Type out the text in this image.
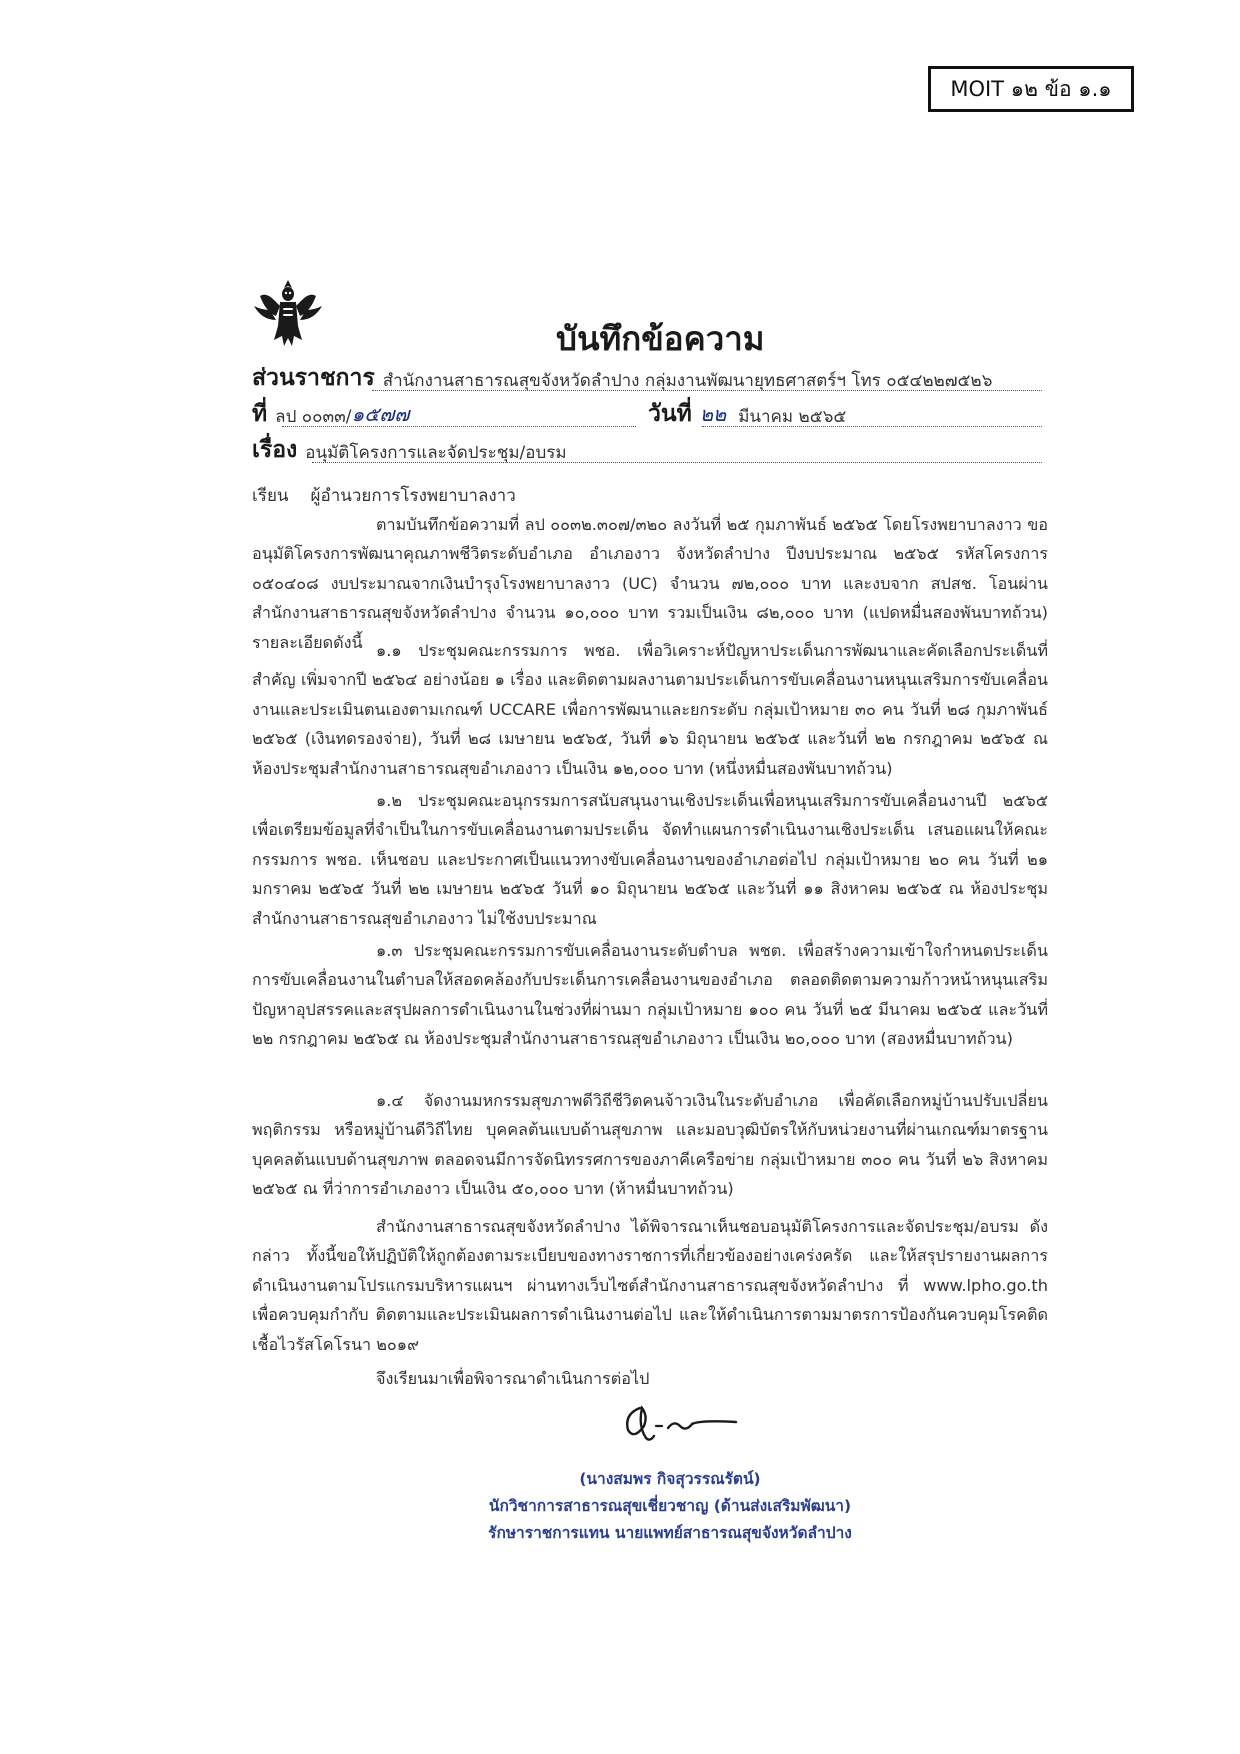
MOIT ๑๒ ข้อ ๑.๑
บันทึกข้อความ
ส่วนราชการ สำนักงานสาธารณสุขจังหวัดลำปาง กลุ่มงานพัฒนายุทธศาสตร์ฯ โทร ๐๕๔๒๒๗๕๒๖
ที่ ลป ๐๐๓๓/ ๑๕๗๗	วันที่ ๒๒ มีนาคม ๒๕๖๕
เรื่อง อนุมัติโครงการและจัดประชุม/อบรม
เรียน ผู้อำนวยการโรงพยาบาลงาว

ตามบันทึกข้อความที่ ลป ๐๐๓๒.๓๐๗/๓๒๐ ลงวันที่ ๒๕ กุมภาพันธ์ ๒๕๖๕ โดยโรงพยาบาลงาว ขออนุมัติโครงการพัฒนาคุณภาพชีวิตระดับอำเภอ อำเภองาว จังหวัดลำปาง ปีงบประมาณ ๒๕๖๕ รหัสโครงการ ๐๕๐๔๐๘ งบประมาณจากเงินบำรุงโรงพยาบาลงาว (UC) จำนวน ๗๒,๐๐๐ บาท และงบจาก สปสช. โอนผ่านสำนักงานสาธารณสุขจังหวัดลำปาง จำนวน ๑๐,๐๐๐ บาท รวมเป็นเงิน ๘๒,๐๐๐ บาท (แปดหมื่นสองพันบาทถ้วน) รายละเอียดดังนี้ ๑.๑ ประชุมคณะกรรมการ พชอ. เพื่อวิเคราะห์ปัญหาประเด็นการพัฒนาและคัดเลือกประเด็นที่สำคัญ เพิ่มจากปี ๒๕๖๔ อย่างน้อย ๑ เรื่อง และติดตามผลงานตามประเด็นการขับเคลื่อนงานหนุนเสริมการขับเคลื่อนงานและประเมินตนเองตามเกณฑ์ UCCARE เพื่อการพัฒนาและยกระดับ กลุ่มเป้าหมาย ๓๐ คน วันที่ ๒๘ กุมภาพันธ์ ๒๕๖๕ (เงินทดรองจ่าย), วันที่ ๒๘ เมษายน ๒๕๖๕, วันที่ ๑๖ มิถุนายน ๒๕๖๕ และวันที่ ๒๒ กรกฎาคม ๒๕๖๕ ณ ห้องประชุมสำนักงานสาธารณสุขอำเภองาว เป็นเงิน ๑๒,๐๐๐ บาท (หนึ่งหมื่นสองพันบาทถ้วน)

๑.๒ ประชุมคณะอนุกรรมการสนับสนุนงานเชิงประเด็นเพื่อหนุนเสริมการขับเคลื่อนงานปี ๒๕๖๕ เพื่อเตรียมข้อมูลที่จำเป็นในการขับเคลื่อนงานตามประเด็น จัดทำแผนการดำเนินงานเชิงประเด็น เสนอแผนให้คณะกรรมการ พชอ. เห็นชอบ และประกาศเป็นแนวทางขับเคลื่อนงานของอำเภอต่อไป กลุ่มเป้าหมาย ๒๐ คน วันที่ ๒๑ มกราคม ๒๕๖๕ วันที่ ๒๒ เมษายน ๒๕๖๕ วันที่ ๑๐ มิถุนายน ๒๕๖๕ และวันที่ ๑๑ สิงหาคม ๒๕๖๕ ณ ห้องประชุมสำนักงานสาธารณสุขอำเภองาว ไม่ใช้งบประมาณ

๑.๓ ประชุมคณะกรรมการขับเคลื่อนงานระดับตำบล พชต. เพื่อสร้างความเข้าใจกำหนดประเด็นการขับเคลื่อนงานในตำบลให้สอดคล้องกับประเด็นการเคลื่อนงานของอำเภอ ตลอดติดตามความก้าวหน้าหนุนเสริม ปัญหาอุปสรรคและสรุปผลการดำเนินงานในช่วงที่ผ่านมา กลุ่มเป้าหมาย ๑๐๐ คน วันที่ ๒๕ มีนาคม ๒๕๖๕ และวันที่ ๒๒ กรกฎาคม ๒๕๖๕ ณ ห้องประชุมสำนักงานสาธารณสุขอำเภองาว เป็นเงิน ๒๐,๐๐๐ บาท (สองหมื่นบาทถ้วน)

๑.๔ จัดงานมหกรรมสุขภาพดีวิถีชีวิตคนจ้าวเงินในระดับอำเภอ เพื่อคัดเลือกหมู่บ้านปรับเปลี่ยนพฤติกรรม หรือหมู่บ้านดีวิถีไทย บุคคลต้นแบบด้านสุขภาพ และมอบวุฒิบัตรให้กับหน่วยงานที่ผ่านเกณฑ์มาตรฐาน บุคคลต้นแบบด้านสุขภาพ ตลอดจนมีการจัดนิทรรศการของภาคีเครือข่าย กลุ่มเป้าหมาย ๓๐๐ คน วันที่ ๒๖ สิงหาคม ๒๕๖๕ ณ ที่ว่าการอำเภองาว เป็นเงิน ๕๐,๐๐๐ บาท (ห้าหมื่นบาทถ้วน)

สำนักงานสาธารณสุขจังหวัดลำปาง ได้พิจารณาเห็นชอบอนุมัติโครงการและจัดประชุม/อบรม ดังกล่าว ทั้งนี้ขอให้ปฏิบัติให้ถูกต้องตามระเบียบของทางราชการที่เกี่ยวข้องอย่างเคร่งครัด และให้สรุปรายงานผลการดำเนินงานตามโปรแกรมบริหารแผนฯ ผ่านทางเว็บไซต์สำนักงานสาธารณสุขจังหวัดลำปาง ที่ www.lpho.go.th เพื่อควบคุมกำกับ ติดตามและประเมินผลการดำเนินงานต่อไป และให้ดำเนินการตามมาตรการป้องกันควบคุมโรคติดเชื้อไวรัสโคโรนา ๒๐๑๙

จึงเรียนมาเพื่อพิจารณาดำเนินการต่อไป
(นางสมพร กิจสุวรรณรัตน์)
นักวิชาการสาธารณสุขเชี่ยวชาญ (ด้านส่งเสริมพัฒนา)
รักษาราชการแทน นายแพทย์สาธารณสุขจังหวัดลำปาง
